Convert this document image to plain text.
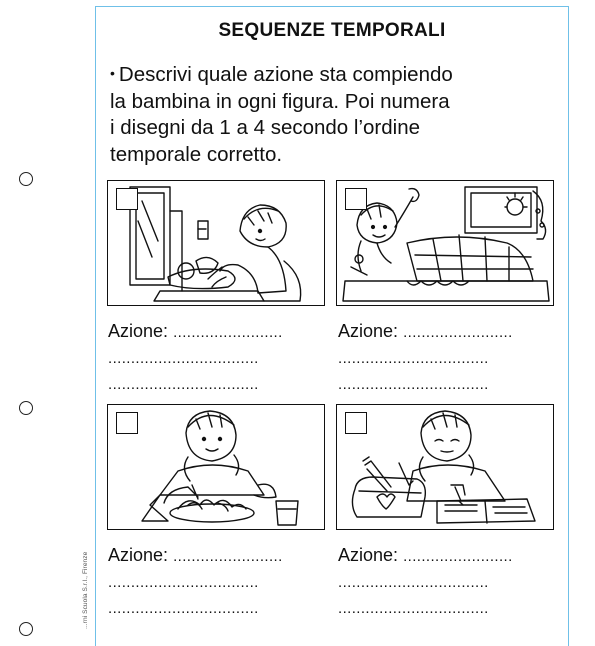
...rni Scuola S.r.l., Firenze
SEQUENZE TEMPORALI
• Descrivi quale azione sta compiendo
la bambina in ogni figura. Poi numera
i disegni da 1 a 4 secondo l’ordine
temporale corretto.
Azione: ........................
.................................
.................................
Azione: ........................
.................................
.................................
Azione: ........................
.................................
.................................
Azione: ........................
.................................
.................................
